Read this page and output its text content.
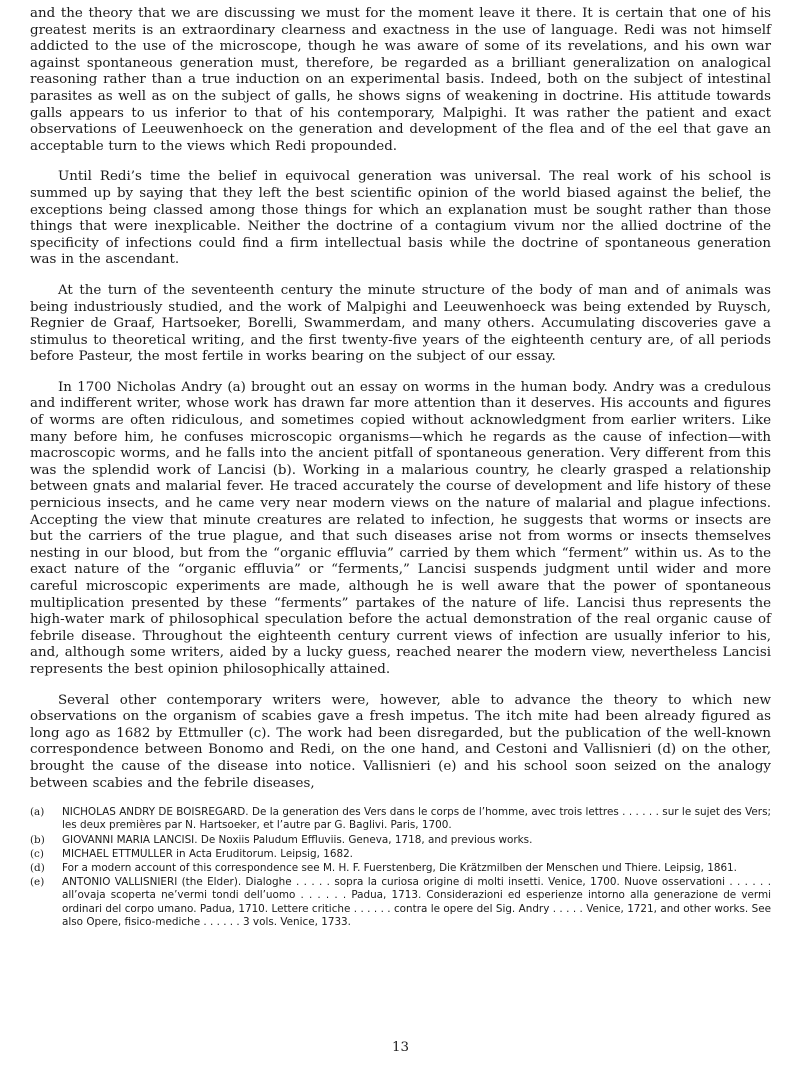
and the theory that we are discussing we must for the moment leave it there. It is certain that one of his greatest merits is an extraordinary clearness and exactness in the use of language. Redi was not himself addicted to the use of the microscope, though he was aware of some of its revelations, and his own war against spontaneous generation must, therefore, be regarded as a brilliant generalization on analogical reasoning rather than a true induction on an experimental basis. Indeed, both on the subject of intestinal parasites as well as on the subject of galls, he shows signs of weakening in doctrine. His attitude towards galls appears to us inferior to that of his contemporary, Malpighi. It was rather the patient and exact observations of Leeuwenhoeck on the generation and development of the flea and of the eel that gave an acceptable turn to the views which Redi propounded.

Until Redi’s time the belief in equivocal generation was universal. The real work of his school is summed up by saying that they left the best scientific opinion of the world biased against the belief, the exceptions being classed among those things for which an explanation must be sought rather than those things that were inexplicable. Neither the doctrine of a contagium vivum nor the allied doctrine of the specificity of infections could find a firm intellectual basis while the doctrine of spontaneous generation was in the ascendant.

At the turn of the seventeenth century the minute structure of the body of man and of animals was being industriously studied, and the work of Malpighi and Leeuwenhoeck was being extended by Ruysch, Regnier de Graaf, Hartsoeker, Borelli, Swammerdam, and many others. Accumulating discoveries gave a stimulus to theoretical writing, and the first twenty-five years of the eighteenth century are, of all periods before Pasteur, the most fertile in works bearing on the subject of our essay.

In 1700 Nicholas Andry (a) brought out an essay on worms in the human body. Andry was a credulous and indifferent writer, whose work has drawn far more attention than it deserves. His accounts and figures of worms are often ridiculous, and sometimes copied without acknowledgment from earlier writers. Like many before him, he confuses microscopic organisms—which he regards as the cause of infection—with macroscopic worms, and he falls into the ancient pitfall of spontaneous generation. Very different from this was the splendid work of Lancisi (b). Working in a malarious country, he clearly grasped a relationship between gnats and malarial fever. He traced accurately the course of development and life history of these pernicious insects, and he came very near modern views on the nature of malarial and plague infections. Accepting the view that minute creatures are related to infection, he suggests that worms or insects are but the carriers of the true plague, and that such diseases arise not from worms or insects themselves nesting in our blood, but from the “organic effluvia” carried by them which “ferment” within us. As to the exact nature of the “organic effluvia” or “ferments,” Lancisi suspends judgment until wider and more careful microscopic experiments are made, although he is well aware that the power of spontaneous multiplication presented by these “ferments” partakes of the nature of life. Lancisi thus represents the high-water mark of philosophical speculation before the actual demonstration of the real organic cause of febrile disease. Throughout the eighteenth century current views of infection are usually inferior to his, and, although some writers, aided by a lucky guess, reached nearer the modern view, nevertheless Lancisi represents the best opinion philosophically attained.

Several other contemporary writers were, however, able to advance the theory to which new observations on the organism of scabies gave a fresh impetus. The itch mite had been already figured as long ago as 1682 by Ettmuller (c). The work had been disregarded, but the publication of the well-known correspondence between Bonomo and Redi, on the one hand, and Cestoni and Vallisnieri (d) on the other, brought the cause of the disease into notice. Vallisnieri (e) and his school soon seized on the analogy between scabies and the febrile diseases,

(a) NICHOLAS ANDRY DE BOISREGARD. De la generation des Vers dans le corps de l’homme, avec trois lettres . . . . . . sur le sujet des Vers; les deux premières par N. Hartsoeker, et l’autre par G. Baglivi. Paris, 1700.
(b) GIOVANNI MARIA LANCISI. De Noxiis Paludum Effluviis. Geneva, 1718, and previous works.
(c) MICHAEL ETTMULLER in Acta Eruditorum. Leipsig, 1682.
(d) For a modern account of this correspondence see M. H. F. Fuerstenberg, Die Krätzmilben der Menschen und Thiere. Leipsig, 1861.
(e) ANTONIO VALLISNIERI (the Elder). Dialoghe . . . . . sopra la curiosa origine di molti insetti. Venice, 1700. Nuove osservationi . . . . . . all’ovaja scoperta ne’vermi tondi dell’uomo . . . . . . Padua, 1713. Considerazioni ed esperienze intorno alla generazione de vermi ordinari del corpo umano. Padua, 1710. Lettere critiche . . . . . . contra le opere del Sig. Andry . . . . . Venice, 1721, and other works. See also Opere, fisico-mediche . . . . . . 3 vols. Venice, 1733.
13
